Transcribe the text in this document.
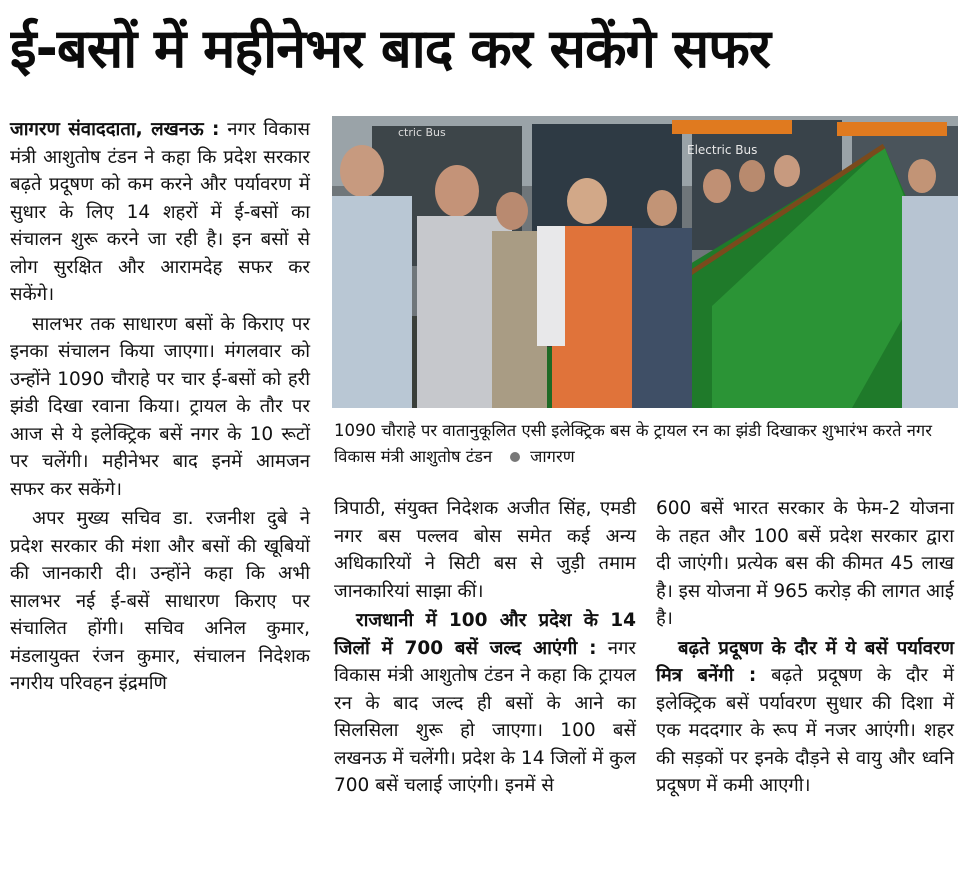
ई-बसों में महीनेभर बाद कर सकेंगे सफर

जागरण संवाददाता, लखनऊ : नगर विकास मंत्री आशुतोष टंडन ने कहा कि प्रदेश सरकार बढ़ते प्रदूषण को कम करने और पर्यावरण में सुधार के लिए 14 शहरों में ई-बसों का संचालन शुरू करने जा रही है। इन बसों से लोग सुरक्षित और आरामदेह सफर कर सकेंगे।

सालभर तक साधारण बसों के किराए पर इनका संचालन किया जाएगा। मंगलवार को उन्होंने 1090 चौराहे पर चार ई-बसों को हरी झंडी दिखा रवाना किया। ट्रायल के तौर पर आज से ये इलेक्ट्रिक बसें नगर के 10 रूटों पर चलेंगी। महीनेभर बाद इनमें आमजन सफर कर सकेंगे।

अपर मुख्य सचिव डा. रजनीश दुबे ने प्रदेश सरकार की मंशा और बसों की खूबियों की जानकारी दी। उन्होंने कहा कि अभी सालभर नई ई-बसें साधारण किराए पर संचालित होंगी। सचिव अनिल कुमार, मंडलायुक्त रंजन कुमार, संचालन निदेशक नगरीय परिवहन इंद्रमणि

Electric Bus
ctric Bus
1090 चौराहे पर वातानुकूलित एसी इलेक्ट्रिक बस के ट्रायल रन का झंडी दिखाकर शुभारंभ करते नगर विकास मंत्री आशुतोष टंडन जागरण

त्रिपाठी, संयुक्त निदेशक अजीत सिंह, एमडी नगर बस पल्लव बोस समेत कई अन्य अधिकारियों ने सिटी बस से जुड़ी तमाम जानकारियां साझा कीं।

राजधानी में 100 और प्रदेश के 14 जिलों में 700 बसें जल्द आएंगी : नगर विकास मंत्री आशुतोष टंडन ने कहा कि ट्रायल रन के बाद जल्द ही बसों के आने का सिलसिला शुरू हो जाएगा। 100 बसें लखनऊ में चलेंगी। प्रदेश के 14 जिलों में कुल 700 बसें चलाई जाएंगी। इनमें से

600 बसें भारत सरकार के फेम-2 योजना के तहत और 100 बसें प्रदेश सरकार द्वारा दी जाएंगी। प्रत्येक बस की कीमत 45 लाख है। इस योजना में 965 करोड़ की लागत आई है।

बढ़ते प्रदूषण के दौर में ये बसें पर्यावरण मित्र बनेंगी : बढ़ते प्रदूषण के दौर में इलेक्ट्रिक बसें पर्यावरण सुधार की दिशा में एक मददगार के रूप में नजर आएंगी। शहर की सड़कों पर इनके दौड़ने से वायु और ध्वनि प्रदूषण में कमी आएगी।
